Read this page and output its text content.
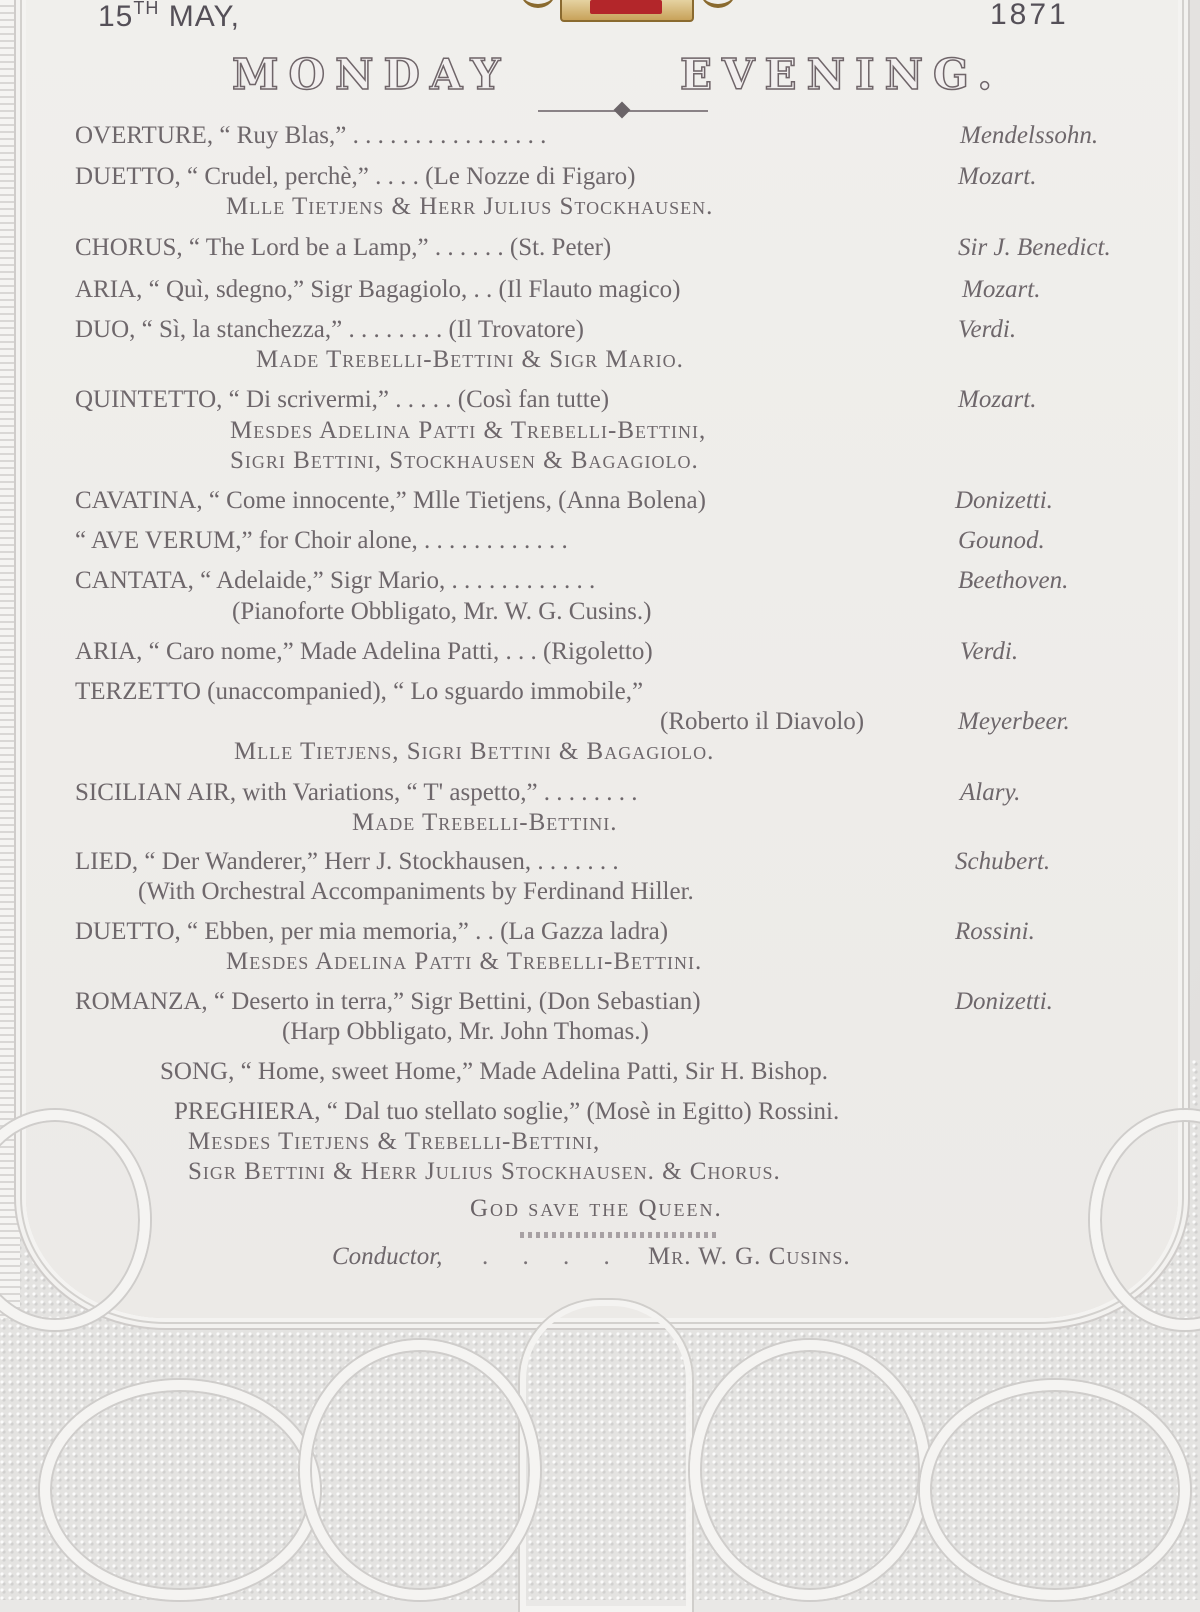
15TH MAY,	1871
MONDAY	EVENING.
OVERTURE, “ Ruy Blas,” . . . . . . . . . . . . . . . .	Mendelssohn.
DUETTO, “ Crudel, perchè,” . . . . (Le Nozze di Figaro)	Mozart.
Mlle Tietjens & Herr Julius Stockhausen.
CHORUS, “ The Lord be a Lamp,” . . . . . . (St. Peter)	Sir J. Benedict.
ARIA, “ Quì, sdegno,” Sigr Bagagiolo, . . (Il Flauto magico)	Mozart.
DUO, “ Sì, la stanchezza,” . . . . . . . . (Il Trovatore)	Verdi.
Made Trebelli-Bettini & Sigr Mario.
QUINTETTO, “ Di scrivermi,” . . . . . (Così fan tutte)	Mozart.
Mesdes Adelina Patti & Trebelli-Bettini,
Sigri Bettini, Stockhausen & Bagagiolo.
CAVATINA, “ Come innocente,” Mlle Tietjens, (Anna Bolena)	Donizetti.
“ AVE VERUM,” for Choir alone, . . . . . . . . . . . .	Gounod.
CANTATA, “ Adelaide,” Sigr Mario, . . . . . . . . . . . .	Beethoven.
(Pianoforte Obbligato, Mr. W. G. Cusins.)
ARIA, “ Caro nome,” Made Adelina Patti, . . . (Rigoletto)	Verdi.
TERZETTO (unaccompanied), “ Lo sguardo immobile,”
(Roberto il Diavolo)	Meyerbeer.
Mlle Tietjens, Sigri Bettini & Bagagiolo.
SICILIAN AIR, with Variations, “ T' aspetto,” . . . . . . . .	Alary.
Made Trebelli-Bettini.
LIED, “ Der Wanderer,” Herr J. Stockhausen, . . . . . . .	Schubert.
(With Orchestral Accompaniments by Ferdinand Hiller.
DUETTO, “ Ebben, per mia memoria,” . . (La Gazza ladra)	Rossini.
Mesdes Adelina Patti & Trebelli-Bettini.
ROMANZA, “ Deserto in terra,” Sigr Bettini, (Don Sebastian)	Donizetti.
(Harp Obbligato, Mr. John Thomas.)
SONG, “ Home, sweet Home,” Made Adelina Patti, Sir H. Bishop.
PREGHIERA, “ Dal tuo stellato soglie,” (Mosè in Egitto) Rossini.
Mesdes Tietjens & Trebelli-Bettini,
Sigr Bettini & Herr Julius Stockhausen. & Chorus.
God save the Queen.
Conductor, . . . . Mr. W. G. Cusins.
